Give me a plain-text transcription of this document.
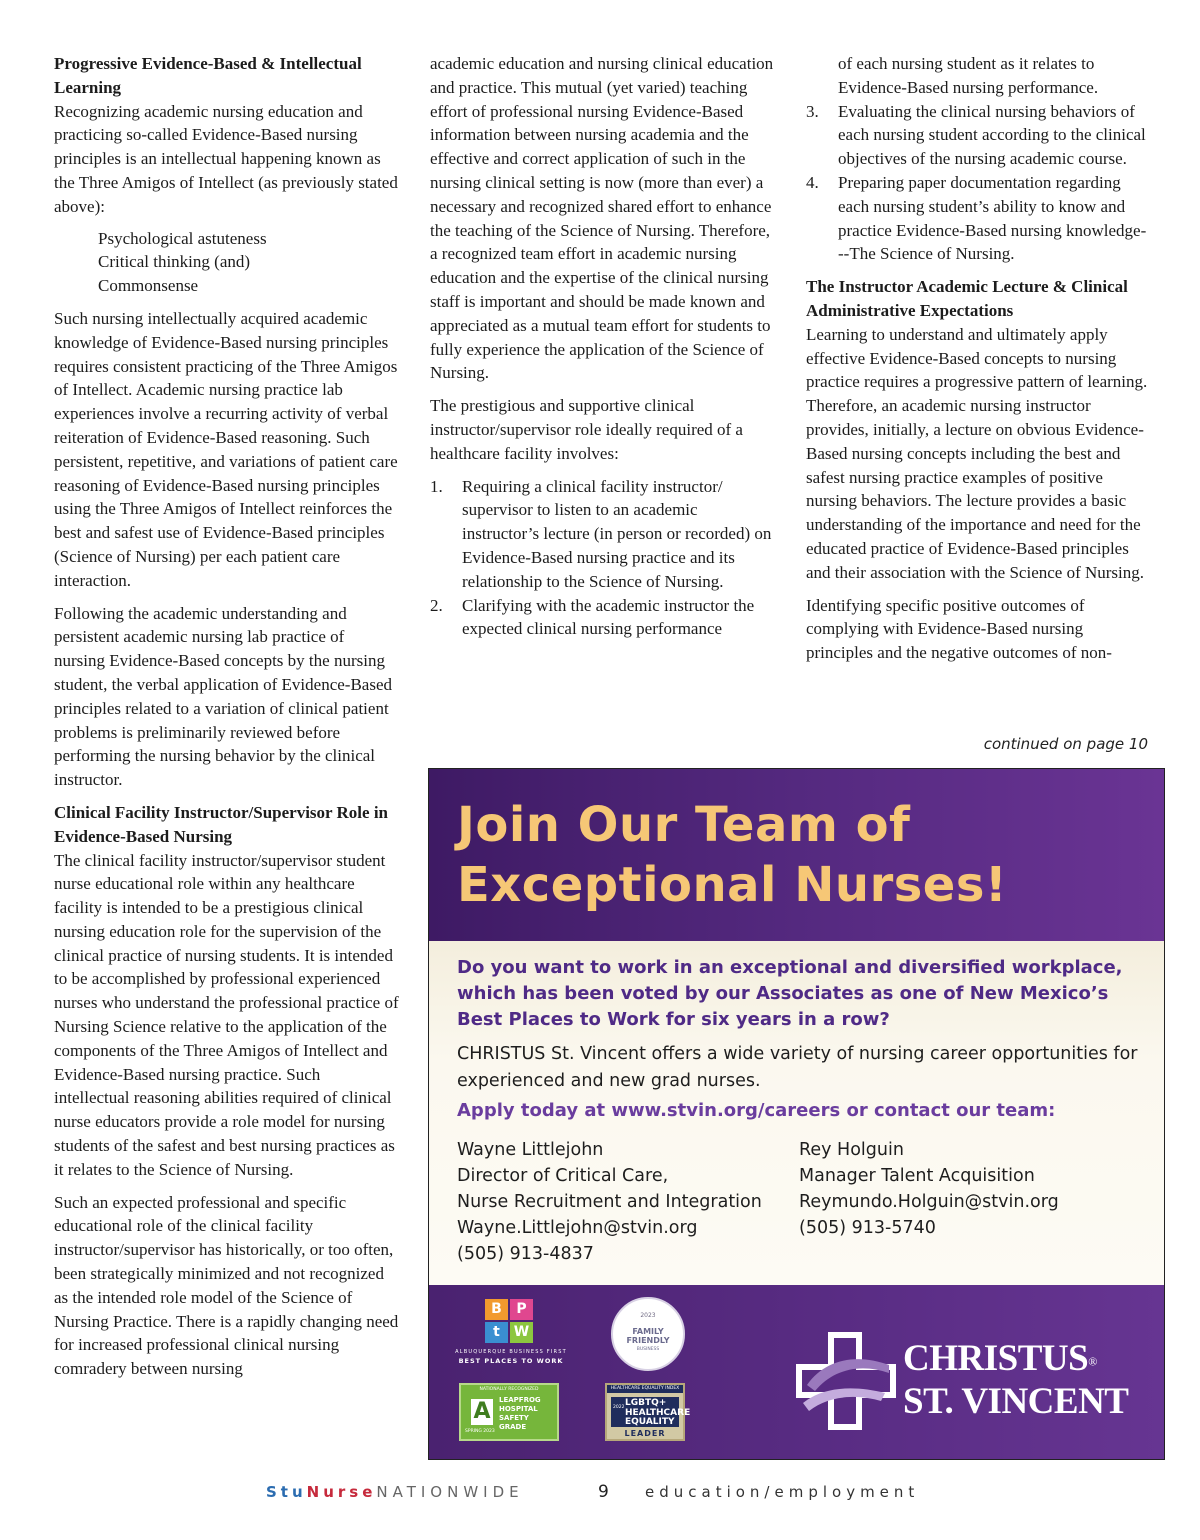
Progressive Evidence-Based & Intellectual Learning

Recognizing academic nursing education and practicing so-called Evidence-Based nursing principles is an intellectual happening known as the Three Amigos of Intellect (as previously stated above):

Psychological astuteness
Critical thinking (and)
Commonsense

Such nursing intellectually acquired academic knowledge of Evidence-Based nursing principles requires consistent practicing of the Three Amigos of Intellect. Academic nursing practice lab experiences involve a recurring activity of verbal reiteration of Evidence-Based reasoning. Such persistent, repetitive, and variations of patient care reasoning of Evidence-Based nursing principles using the Three Amigos of Intellect reinforces the best and safest use of Evidence-Based principles (Science of Nursing) per each patient care interaction.

Following the academic understanding and persistent academic nursing lab practice of nursing Evidence-Based concepts by the nursing student, the verbal application of Evidence-Based principles related to a variation of clinical patient problems is preliminarily reviewed before performing the nursing behavior by the clinical instructor.

Clinical Facility Instructor/Supervisor Role in Evidence-Based Nursing

The clinical facility instructor/supervisor student nurse educational role within any healthcare facility is intended to be a prestigious clinical nursing education role for the supervision of the clinical practice of nursing students. It is intended to be accomplished by professional experienced nurses who understand the professional practice of Nursing Science relative to the application of the components of the Three Amigos of Intellect and Evidence-Based nursing practice. Such intellectual reasoning abilities required of clinical nurse educators provide a role model for nursing students of the safest and best nursing practices as it relates to the Science of Nursing.

Such an expected professional and specific educational role of the clinical facility instructor/supervisor has historically, or too often, been strategically minimized and not recognized as the intended role model of the Science of Nursing Practice. There is a rapidly changing need for increased professional clinical nursing comradery between nursing

academic education and nursing clinical education and practice. This mutual (yet varied) teaching effort of professional nursing Evidence-Based information between nursing academia and the effective and correct application of such in the nursing clinical setting is now (more than ever) a necessary and recognized shared effort to enhance the teaching of the Science of Nursing. Therefore, a recognized team effort in academic nursing education and the expertise of the clinical nursing staff is important and should be made known and appreciated as a mutual team effort for students to fully experience the application of the Science of Nursing.

The prestigious and supportive clinical instructor/supervisor role ideally required of a healthcare facility involves:

1. Requiring a clinical facility instructor/ supervisor to listen to an academic instructor’s lecture (in person or recorded) on Evidence-Based nursing practice and its relationship to the Science of Nursing.
2. Clarifying with the academic instructor the expected clinical nursing performance

of each nursing student as it relates to Evidence-Based nursing performance.

3. Evaluating the clinical nursing behaviors of each nursing student according to the clinical objectives of the nursing academic course.
4. Preparing paper documentation regarding each nursing student’s ability to know and practice Evidence-Based nursing knowledge---The Science of Nursing.
The Instructor Academic Lecture & Clinical Administrative Expectations

Learning to understand and ultimately apply effective Evidence-Based concepts to nursing practice requires a progressive pattern of learning. Therefore, an academic nursing instructor provides, initially, a lecture on obvious Evidence-Based nursing concepts including the best and safest nursing practice examples of positive nursing behaviors. The lecture provides a basic understanding of the importance and need for the educated practice of Evidence-Based principles and their association with the Science of Nursing.

Identifying specific positive outcomes of complying with Evidence-Based nursing principles and the negative outcomes of non-

continued on page 10
Join Our Team of Exceptional Nurses!
Do you want to work in an exceptional and diversified workplace, which has been voted by our Associates as one of New Mexico’s Best Places to Work for six years in a row?
CHRISTUS St. Vincent offers a wide variety of nursing career opportunities for experienced and new grad nurses.
Apply today at www.stvin.org/careers or contact our team:
Wayne Littlejohn
Director of Critical Care,
Nurse Recruitment and Integration
Wayne.Littlejohn@stvin.org
(505) 913-4837
Rey Holguin
Manager Talent Acquisition
Reymundo.Holguin@stvin.org
(505) 913-5740
B	P
t W
ALBUQUERQUE BUSINESS FIRST
BEST PLACES TO WORK
2023
FAMILY FRIENDLY
BUSINESS
NATIONALLY RECOGNIZED
A	LEAPFROG HOSPITAL SAFETY GRADE
SPRING 2023
HEALTHCARE EQUALITY INDEX
2022 LGBTQ+ HEALTHCARE EQUALITY
LEADER
CHRISTUS®
ST. VINCENT
StuNurseNATIONWIDE	9 education/employment
